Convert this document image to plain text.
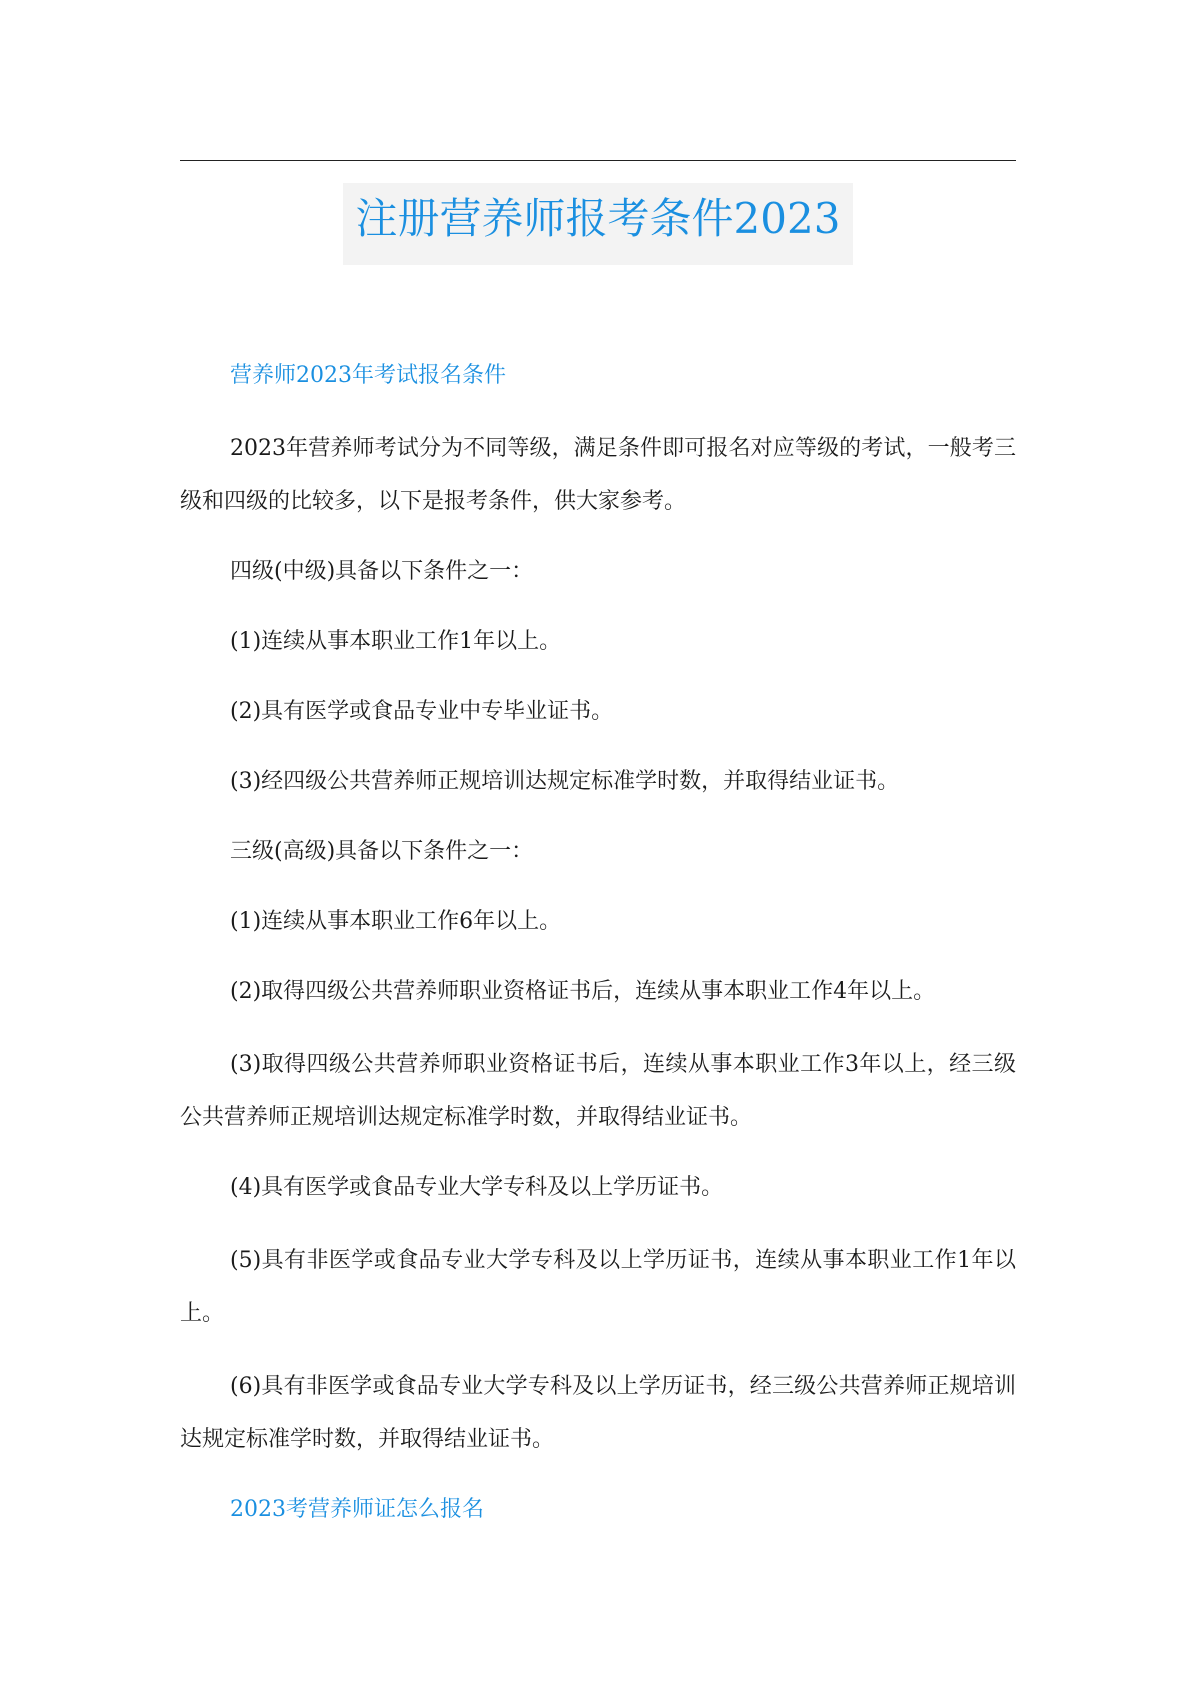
注册营养师报考条件2023

营养师2023年考试报名条件

2023年营养师考试分为不同等级，满足条件即可报名对应等级的考试，一般考三级和四级的比较多，以下是报考条件，供大家参考。

四级(中级)具备以下条件之一：

(1)连续从事本职业工作1年以上。

(2)具有医学或食品专业中专毕业证书。

(3)经四级公共营养师正规培训达规定标准学时数，并取得结业证书。

三级(高级)具备以下条件之一：

(1)连续从事本职业工作6年以上。

(2)取得四级公共营养师职业资格证书后，连续从事本职业工作4年以上。

(3)取得四级公共营养师职业资格证书后，连续从事本职业工作3年以上，经三级公共营养师正规培训达规定标准学时数，并取得结业证书。

(4)具有医学或食品专业大学专科及以上学历证书。

(5)具有非医学或食品专业大学专科及以上学历证书，连续从事本职业工作1年以上。

(6)具有非医学或食品专业大学专科及以上学历证书，经三级公共营养师正规培训达规定标准学时数，并取得结业证书。

2023考营养师证怎么报名
